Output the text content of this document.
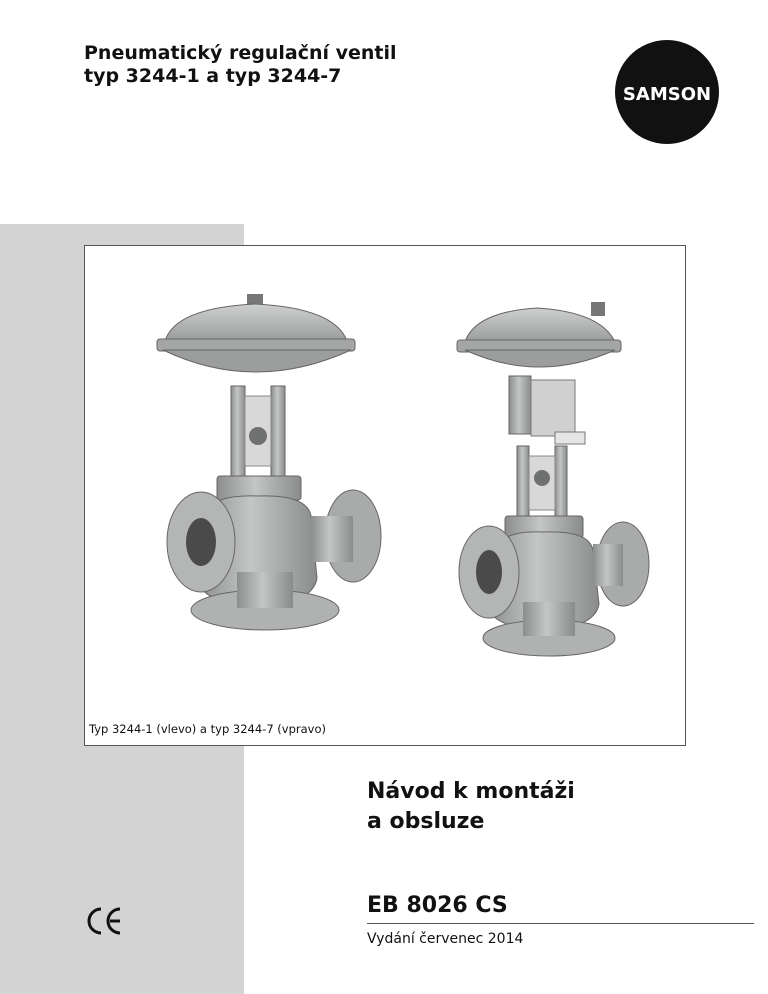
Pneumatický regulační ventil
typ 3244-1 a typ 3244-7
SAMSON
Typ 3244-1 (vlevo) a typ 3244-7 (vpravo)
Návod k montáži
a obsluze
EB 8026 CS
Vydání červenec 2014
